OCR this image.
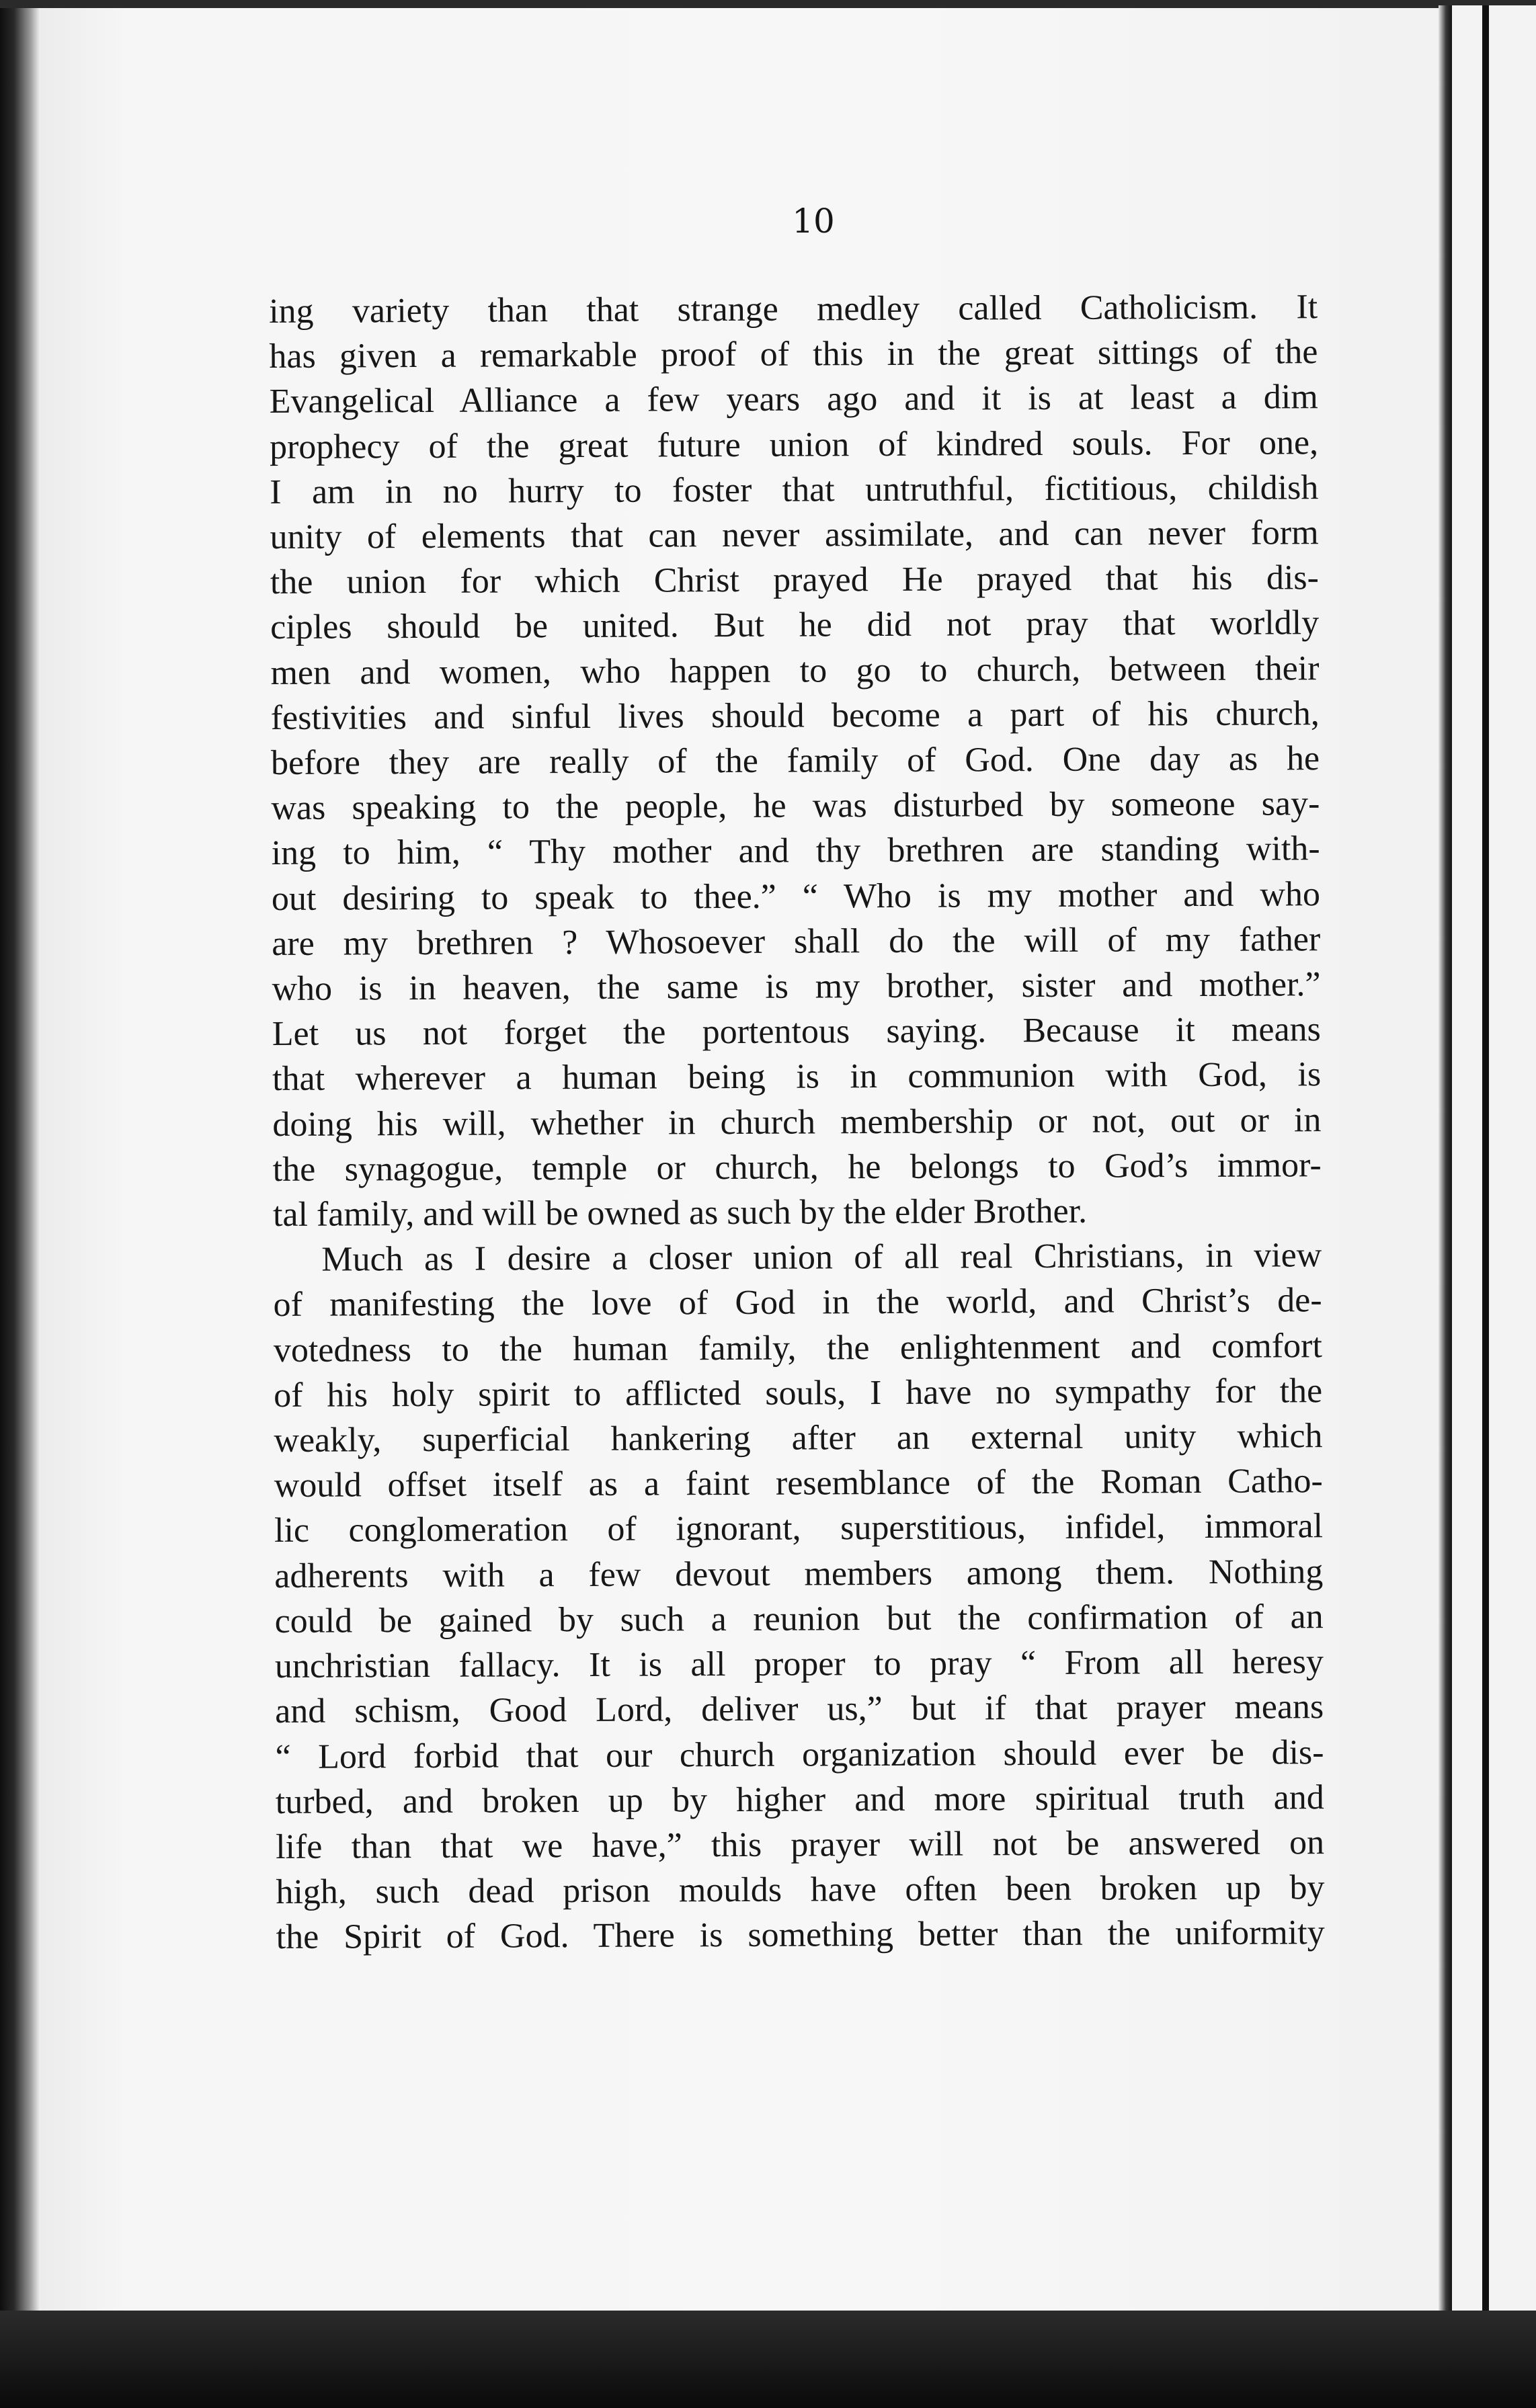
10
ing variety than that strange medley called Catholicism. It
has given a remarkable proof of this in the great sittings of the
Evangelical Alliance a few years ago and it is at least a dim
prophecy of the great future union of kindred souls. For one,
I am in no hurry to foster that untruthful, fictitious, childish
unity of elements that can never assimilate, and can never form
the union for which Christ prayed He prayed that his dis-
ciples should be united. But he did not pray that worldly
men and women, who happen to go to church, between their
festivities and sinful lives should become a part of his church,
before they are really of the family of God. One day as he
was speaking to the people, he was disturbed by someone say-
ing to him, “ Thy mother and thy brethren are standing with-
out desiring to speak to thee.” “ Who is my mother and who
are my brethren ? Whosoever shall do the will of my father
who is in heaven, the same is my brother, sister and mother.”
Let us not forget the portentous saying. Because it means
that wherever a human being is in communion with God, is
doing his will, whether in church membership or not, out or in
the synagogue, temple or church, he belongs to God’s immor-
tal family, and will be owned as such by the elder Brother.
Much as I desire a closer union of all real Christians, in view
of manifesting the love of God in the world, and Christ’s de-
votedness to the human family, the enlightenment and comfort
of his holy spirit to afflicted souls, I have no sympathy for the
weakly, superficial hankering after an external unity which
would offset itself as a faint resemblance of the Roman Catho-
lic conglomeration of ignorant, superstitious, infidel, immoral
adherents with a few devout members among them. Nothing
could be gained by such a reunion but the confirmation of an
unchristian fallacy. It is all proper to pray “ From all heresy
and schism, Good Lord, deliver us,” but if that prayer means
“ Lord forbid that our church organization should ever be dis-
turbed, and broken up by higher and more spiritual truth and
life than that we have,” this prayer will not be answered on
high, such dead prison moulds have often been broken up by
the Spirit of God. There is something better than the uniformity
